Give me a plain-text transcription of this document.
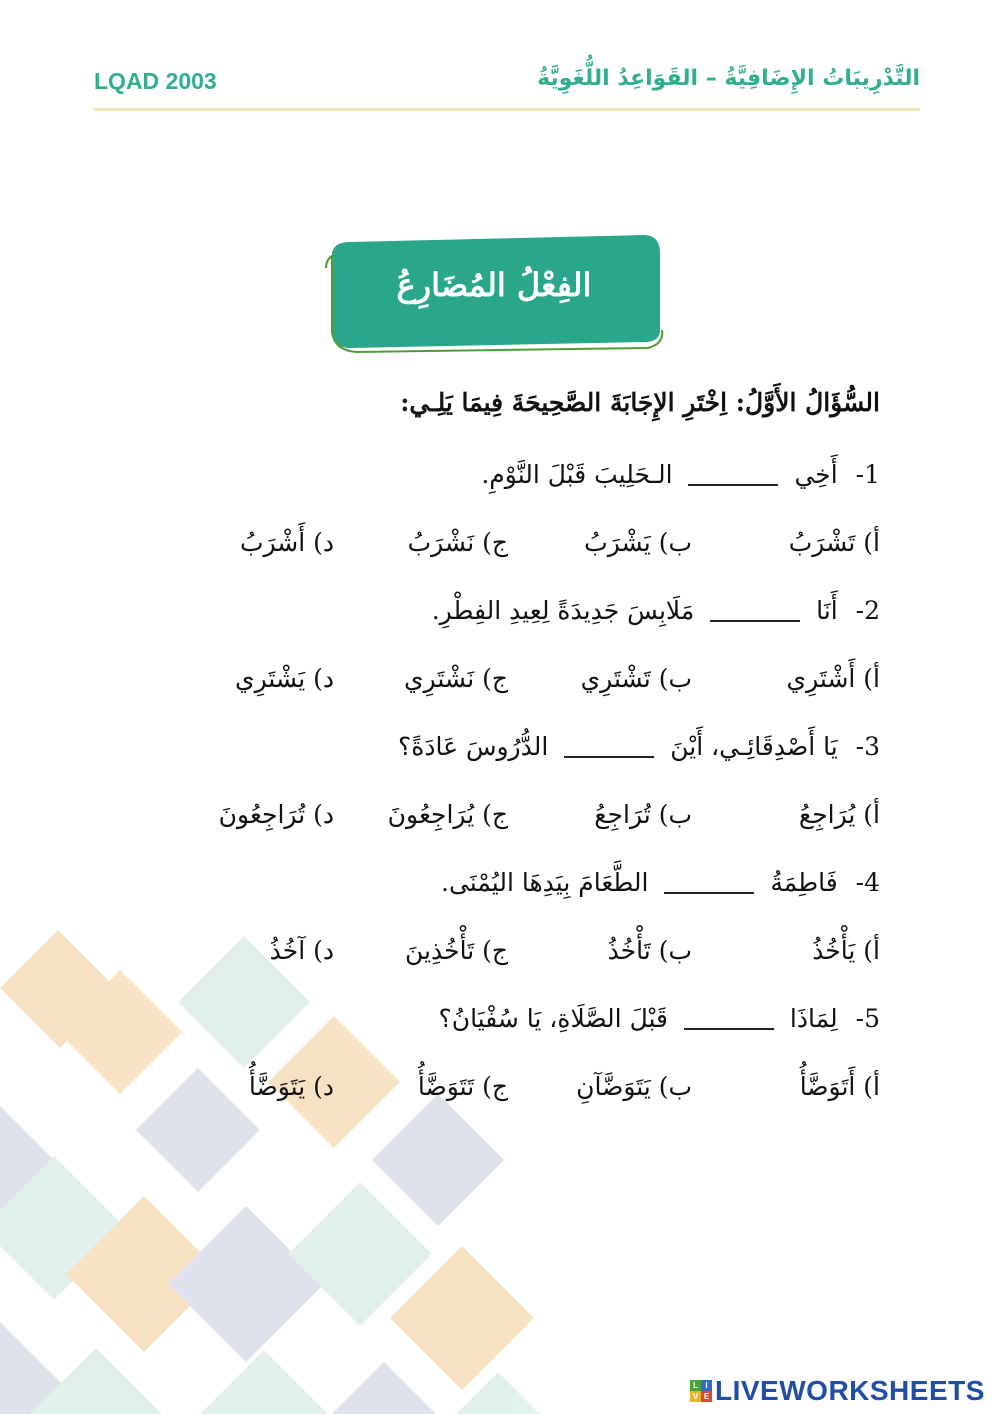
LQAD 2003	التَّدْرِيبَاتُ الإِضَافِيَّةُ – القَوَاعِدُ اللُّغَوِيَّةُ
الفِعْلُ المُضَارِعُ
السُّؤَالُ الأَوَّلُ: اِخْتَرِ الإِجَابَةَ الصَّحِيحَةَ فِيمَا يَلِـي:
1- أَخِي  الـحَلِيبَ قَبْلَ النَّوْمِ.
أ) تَشْرَبُ
ب) يَشْرَبُ
ج) نَشْرَبُ
د) أَشْرَبُ
2- أَنَا  مَلَابِسَ جَدِيدَةً لِعِيدِ الفِطْرِ.
أ) أَشْتَرِي
ب) تَشْتَرِي
ج) نَشْتَرِي
د) يَشْتَرِي
3- يَا أَصْدِقَائِـي، أَيْنَ  الدُّرُوسَ عَادَةً؟
أ) يُرَاجِعُ
ب) تُرَاجِعُ
ج) يُرَاجِعُونَ
د) تُرَاجِعُونَ
4- فَاطِمَةُ  الطَّعَامَ بِيَدِهَا اليُمْنَى.
أ) يَأْخُذُ
ب) تَأْخُذُ
ج) تَأْخُذِينَ
د) آخُذُ
5- لِمَاذَا  قَبْلَ الصَّلَاةِ، يَا سُفْيَانُ؟
أ) أَتَوَضَّأُ
ب) يَتَوَضَّآنِ
ج) تَتَوَضَّأُ
د) يَتَوَضَّأُ
L I
V E LIVEWORKSHEETS
